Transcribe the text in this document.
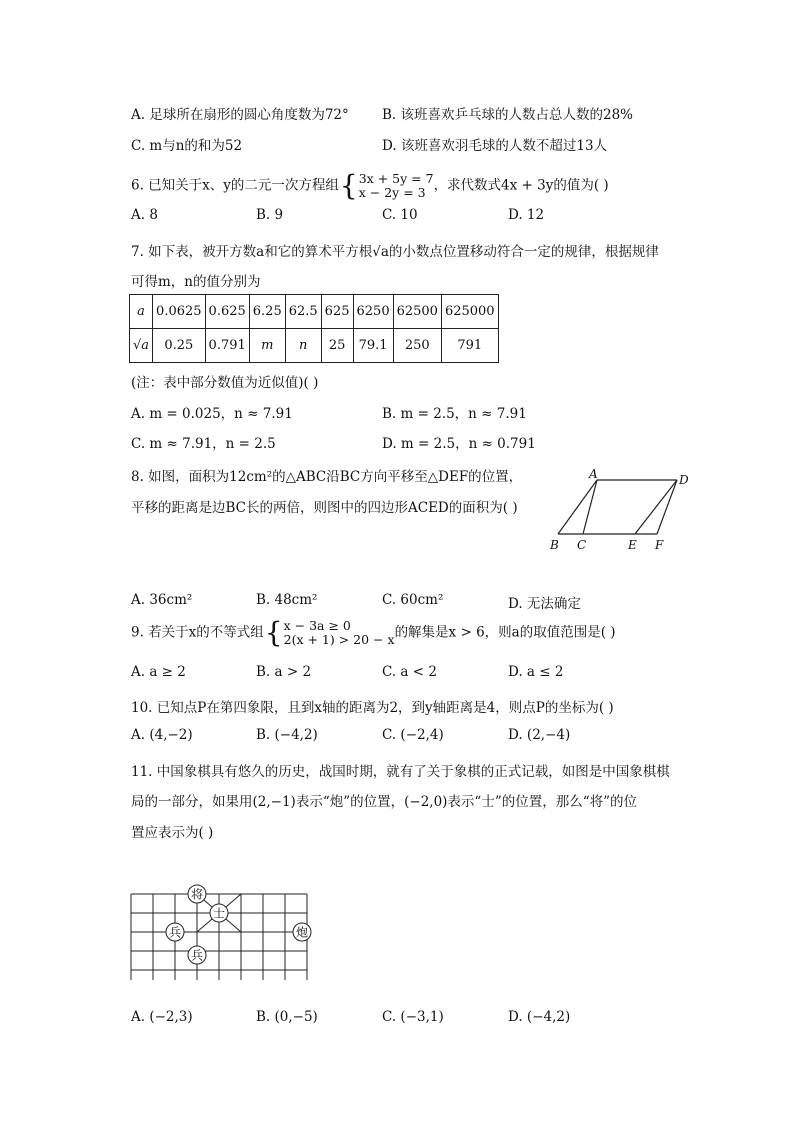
A. 足球所在扇形的圆心角度数为72° B. 该班喜欢乒乓球的人数占总人数的28%
C. m与n的和为52	D. 该班喜欢羽毛球的人数不超过13人
6. 已知关于x、y的二元一次方程组{3x + 5y = 7
x − 2y = 3 ，求代数式4x + 3y的值为( )
A. 8	B. 9	C. 10	D. 12
7. 如下表，被开方数a和它的算术平方根√a的小数点位置移动符合一定的规律，根据规律
可得m，n的值分别为
a	0.0625	0.625	6.25	62.5	625	6250	62500	625000
√a	0.25	0.791	m	n	25	79.1	250	791
(注：表中部分数值为近似值)( )
A. m = 0.025，n ≈ 7.91	B. m = 2.5，n ≈ 7.91
C. m ≈ 7.91，n = 2.5	D. m = 2.5，n ≈ 0.791
8. 如图，面积为12cm²的△ABC沿BC方向平移至△DEF的位置，
平移的距离是边BC长的两倍，则图中的四边形ACED的面积为( )
A	D
B C	E F
A. 36cm²	B. 48cm²	C. 60cm²	D. 无法确定
9. 若关于x的不等式组{x − 3a ≥ 0
2(x + 1) > 20 − x的解集是x > 6，则a的取值范围是( )
A. a ≥ 2	B. a > 2	C. a < 2	D. a ≤ 2
10. 已知点P在第四象限，且到x轴的距离为2，到y轴距离是4，则点P的坐标为( )
A. (4,−2)	B. (−4,2)	C. (−2,4)	D. (2,−4)
11. 中国象棋具有悠久的历史，战国时期，就有了关于象棋的正式记载，如图是中国象棋棋
局的一部分，如果用(2,−1)表示“炮”的位置，(−2,0)表示“士”的位置，那么“将”的位
置应表示为( )
将
士
炮
兵
兵
A. (−2,3)	B. (0,−5)	C. (−3,1)	D. (−4,2)
